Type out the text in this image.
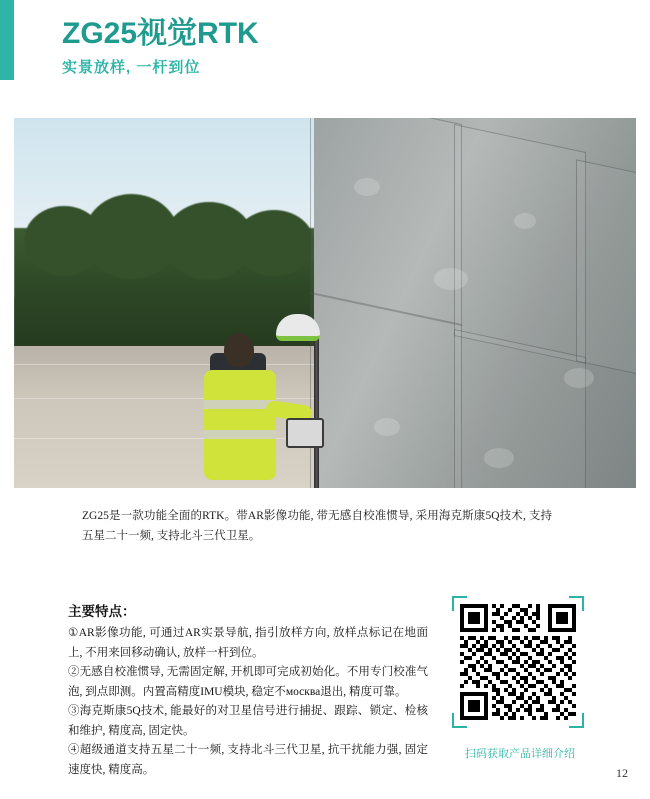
ZG25视觉RTK
实景放样, 一杆到位
ZG25是一款功能全面的RTK。带AR影像功能, 带无感自校准惯导, 采用海克斯康5Q技术, 支持五星二十一频, 支持北斗三代卫星。
主要特点：

①AR影像功能, 可通过AR实景导航, 指引放样方向, 放样点标记在地面上, 不用来回移动确认, 放样一杆到位。

②无感自校准惯导, 无需固定解, 开机即可完成初始化。不用专门校准气泡, 到点即测。内置高精度IMU模块, 稳定不москва退出, 精度可靠。

③海克斯康5Q技术, 能最好的对卫星信号进行捕捉、跟踪、锁定、检核和维护, 精度高, 固定快。

④超级通道支持五星二十一频, 支持北斗三代卫星, 抗干扰能力强, 固定速度快, 精度高。

扫码获取产品详细介绍
12
